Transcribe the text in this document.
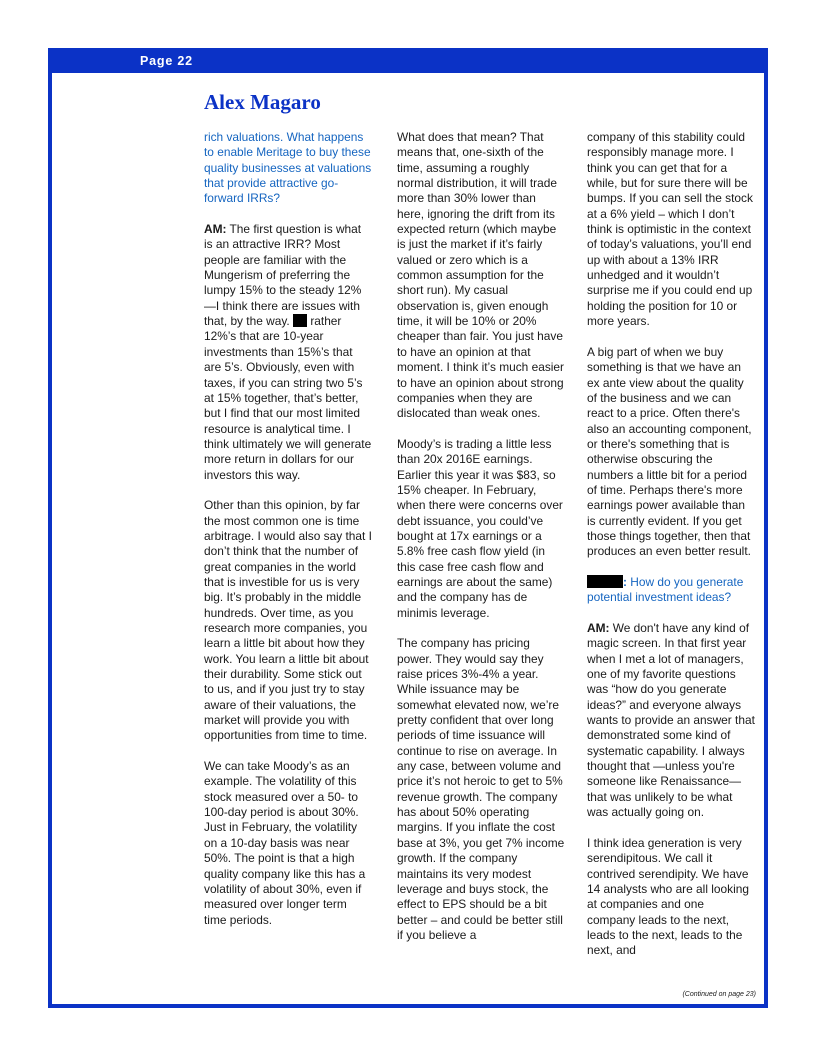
Page 22
Alex Magaro

rich valuations. What happens to enable Meritage to buy these quality businesses at valuations that provide attractive go-forward IRRs?

AM: The first question is what is an attractive IRR? Most people are familiar with the Mungerism of preferring the lumpy 15% to the steady 12% —I think there are issues with that, by the way.  rather 12%’s that are 10-year investments than 15%’s that are 5’s. Obviously, even with taxes, if you can string two 5’s at 15% together, that’s better, but I find that our most limited resource is analytical time. I think ultimately we will generate more return in dollars for our investors this way.

Other than this opinion, by far the most common one is time arbitrage. I would also say that I don’t think that the number of great companies in the world that is investible for us is very big. It’s probably in the middle hundreds. Over time, as you research more companies, you learn a little bit about how they work. You learn a little bit about their durability. Some stick out to us, and if you just try to stay aware of their valuations, the market will provide you with opportunities from time to time.

We can take Moody’s as an example. The volatility of this stock measured over a 50- to 100-day period is about 30%. Just in February, the volatility on a 10-day basis was near 50%. The point is that a high quality company like this has a volatility of about 30%, even if measured over longer term time periods.

What does that mean? That means that, one-sixth of the time, assuming a roughly normal distribution, it will trade more than 30% lower than here, ignoring the drift from its expected return (which maybe is just the market if it’s fairly valued or zero which is a common assumption for the short run). My casual observation is, given enough time, it will be 10% or 20% cheaper than fair. You just have to have an opinion at that moment. I think it’s much easier to have an opinion about strong companies when they are dislocated than weak ones.

Moody’s is trading a little less than 20x 2016E earnings. Earlier this year it was $83, so 15% cheaper. In February, when there were concerns over debt issuance, you could’ve bought at 17x earnings or a 5.8% free cash flow yield (in this case free cash flow and earnings are about the same) and the company has de minimis leverage.

The company has pricing power. They would say they raise prices 3%-4% a year. While issuance may be somewhat elevated now, we’re pretty confident that over long periods of time issuance will continue to rise on average. In any case, between volume and price it’s not heroic to get to 5% revenue growth. The company has about 50% operating margins. If you inflate the cost base at 3%, you get 7% income growth. If the company maintains its very modest leverage and buys stock, the effect to EPS should be a bit better – and could be better still if you believe a

company of this stability could responsibly manage more. I think you can get that for a while, but for sure there will be bumps. If you can sell the stock at a 6% yield – which I don’t think is optimistic in the context of today’s valuations, you’ll end up with about a 13% IRR unhedged and it wouldn’t surprise me if you could end up holding the position for 10 or more years.

A big part of when we buy something is that we have an ex ante view about the quality of the business and we can react to a price. Often there's also an accounting component, or there's something that is otherwise obscuring the numbers a little bit for a period of time. Perhaps there's more earnings power available than is currently evident. If you get those things together, then that produces an even better result.

: How do you generate potential investment ideas?

AM: We don't have any kind of magic screen. In that first year when I met a lot of managers, one of my favorite questions was “how do you generate ideas?” and everyone always wants to provide an answer that demonstrated some kind of systematic capability. I always thought that —unless you're someone like Renaissance—that was unlikely to be what was actually going on.

I think idea generation is very serendipitous. We call it contrived serendipity. We have 14 analysts who are all looking at companies and one company leads to the next, leads to the next, leads to the next, and

(Continued on page 23)
